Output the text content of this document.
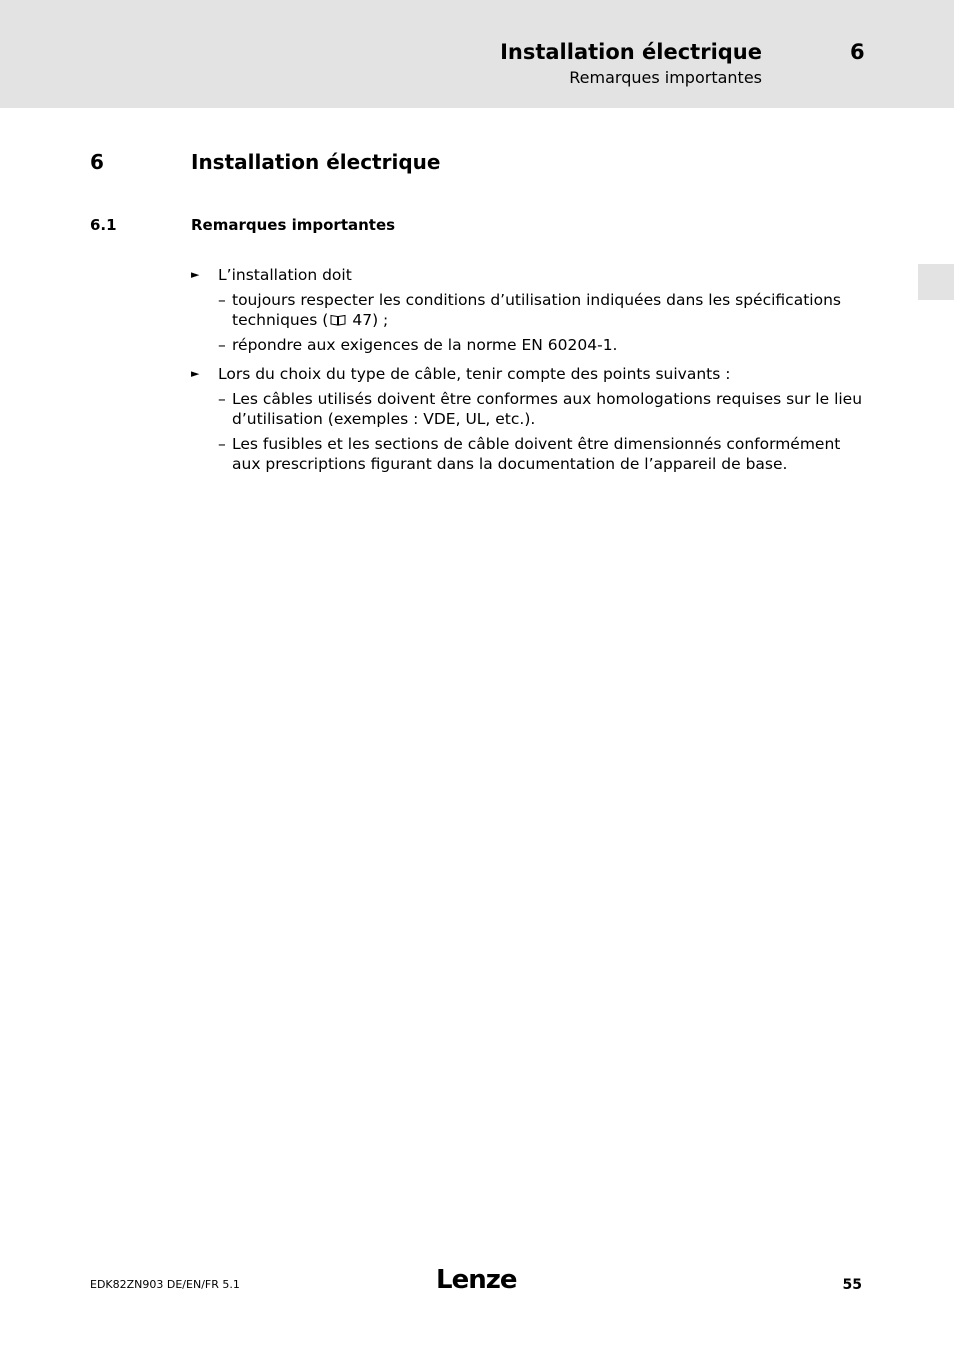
Installation électrique	6
Remarques importantes
6	Installation électrique
6.1	Remarques importantes
► L’installation doit
– toujours respecter les conditions d’utilisation indiquées dans les spécifications techniques ( 47) ;
– répondre aux exigences de la norme EN 60204-1.
► Lors du choix du type de câble, tenir compte des points suivants :
– Les câbles utilisés doivent être conformes aux homologations requises sur le lieu d’utilisation (exemples : VDE, UL, etc.).
– Les fusibles et les sections de câble doivent être dimensionnés conformément aux prescriptions figurant dans la documentation de l’appareil de base.
EDK82ZN903 DE/EN/FR 5.1	Lenze	55
